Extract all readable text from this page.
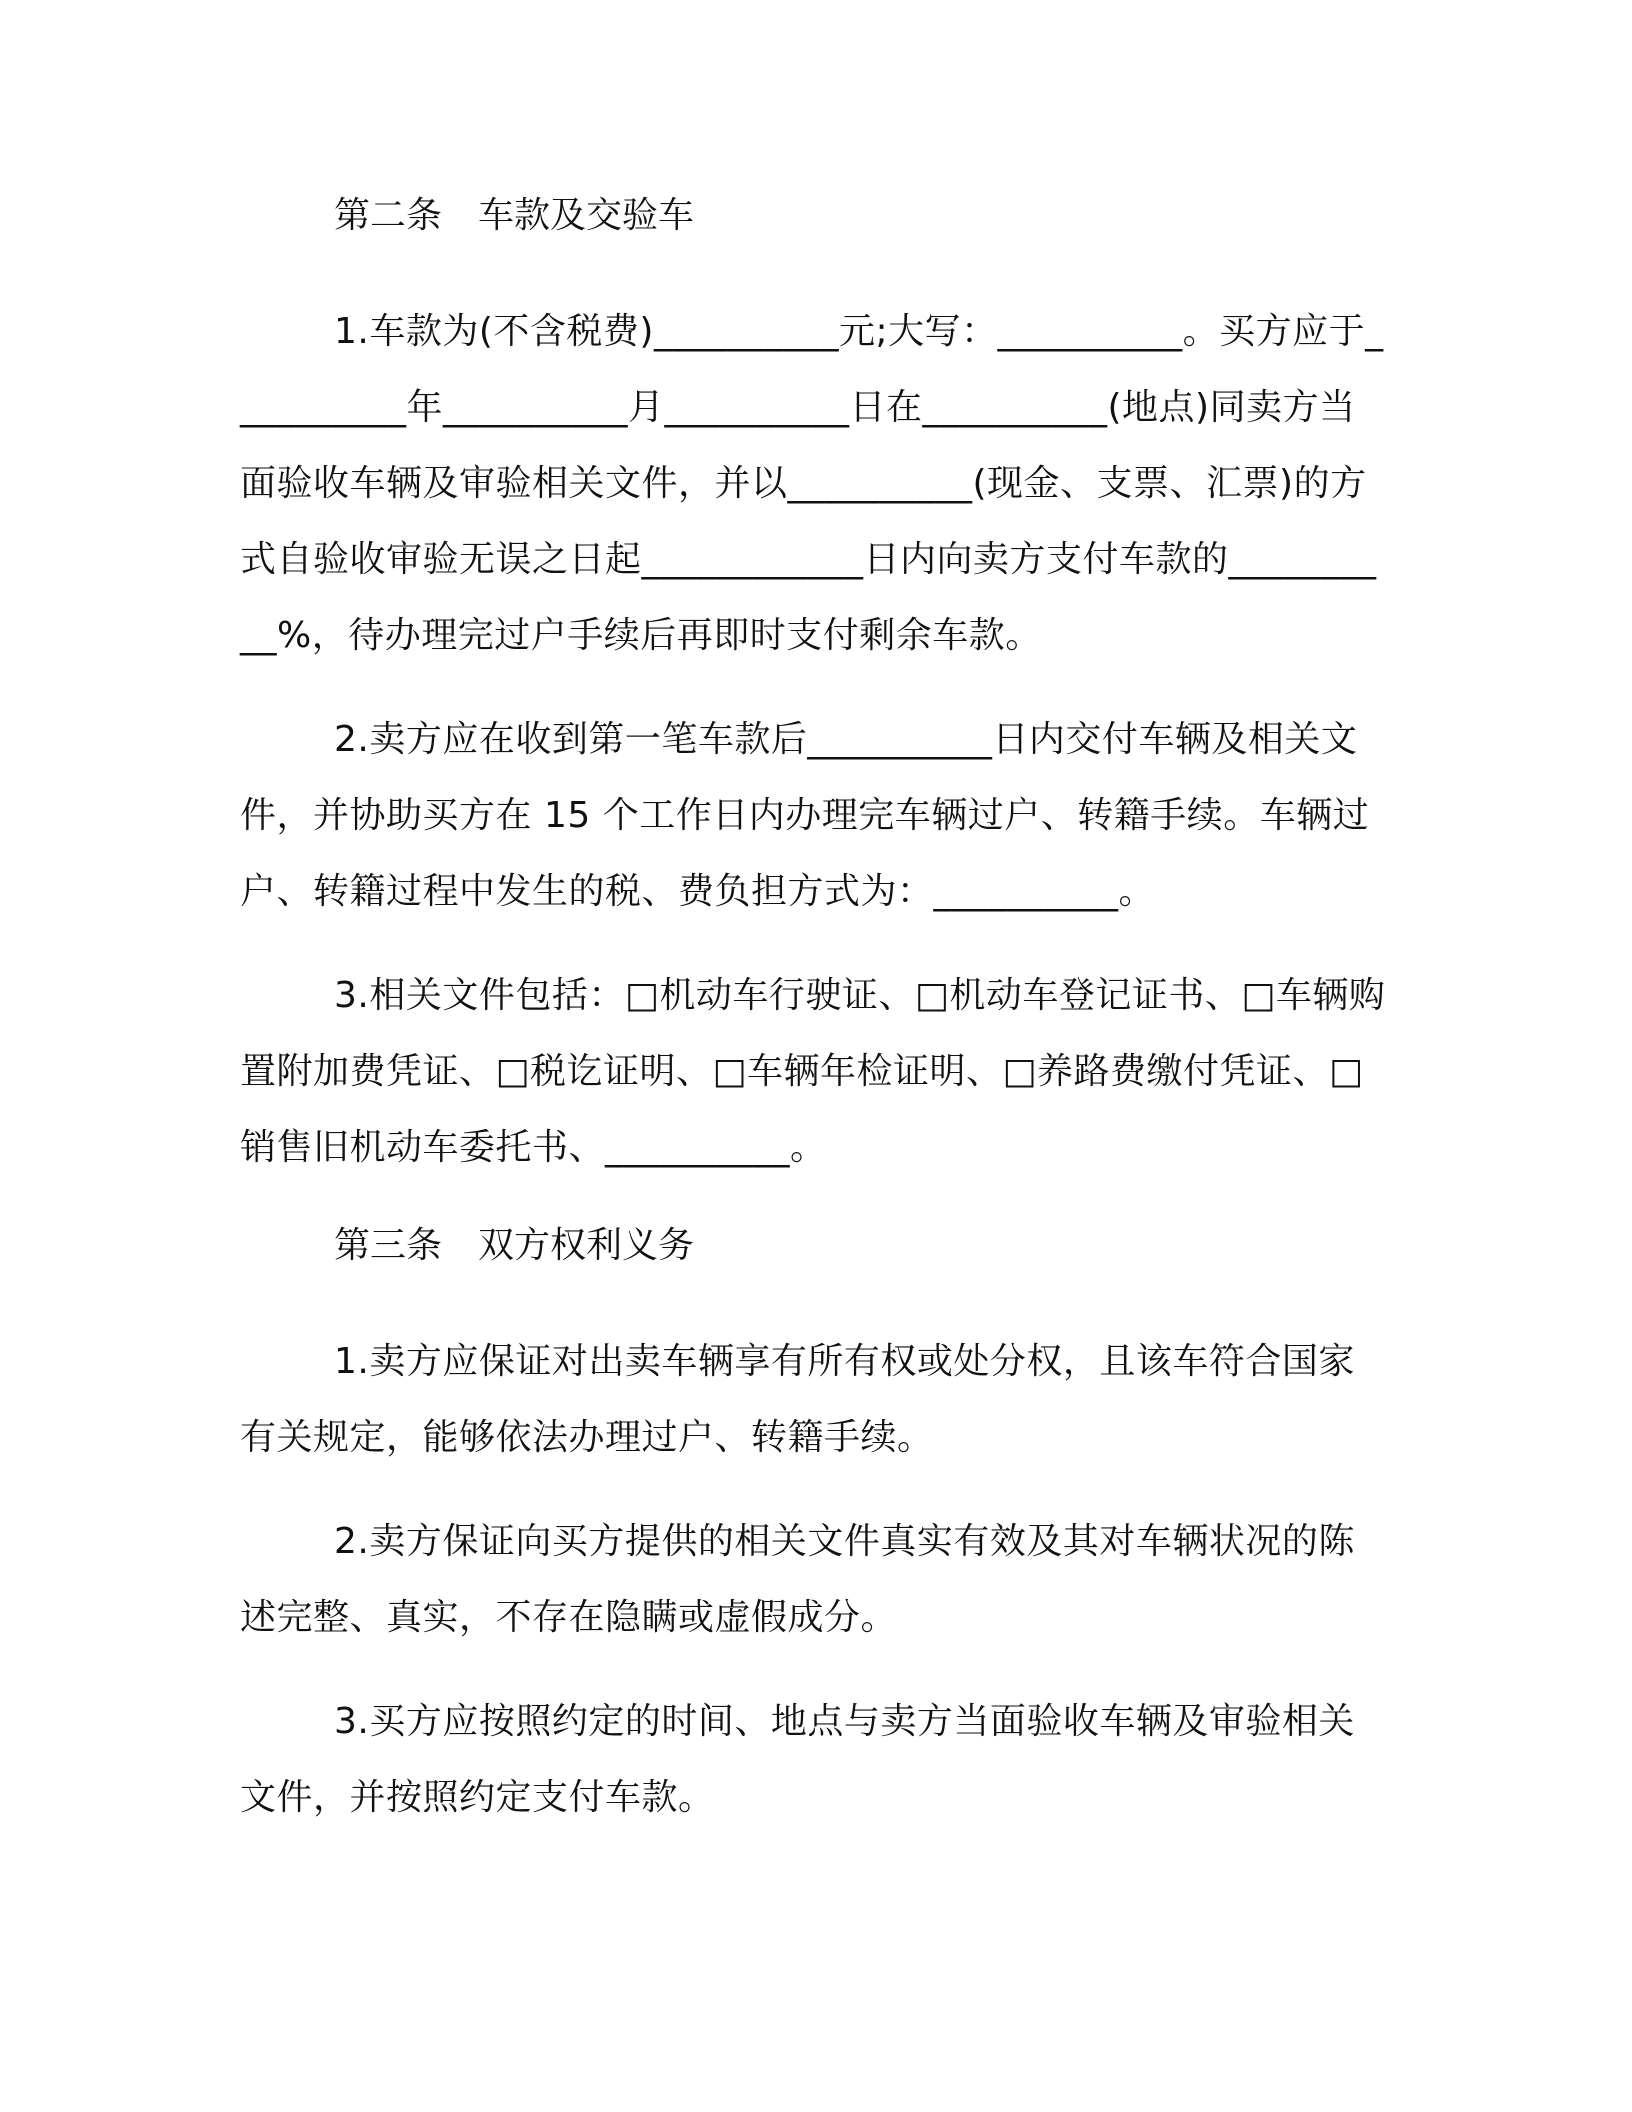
第二条　车款及交验车

1.车款为(不含税费)__________元;大写：__________。买方应于__________年__________月__________日在__________(地点)同卖方当面验收车辆及审验相关文件，并以__________(现金、支票、汇票)的方式自验收审验无误之日起____________日内向卖方支付车款的__________%，待办理完过户手续后再即时支付剩余车款。

2.卖方应在收到第一笔车款后__________日内交付车辆及相关文件，并协助买方在 15 个工作日内办理完车辆过户、转籍手续。车辆过户、转籍过程中发生的税、费负担方式为：__________。

3.相关文件包括：□机动车行驶证、□机动车登记证书、□车辆购置附加费凭证、□税讫证明、□车辆年检证明、□养路费缴付凭证、□销售旧机动车委托书、__________。

第三条　双方权利义务

1.卖方应保证对出卖车辆享有所有权或处分权，且该车符合国家有关规定，能够依法办理过户、转籍手续。

2.卖方保证向买方提供的相关文件真实有效及其对车辆状况的陈述完整、真实，不存在隐瞒或虚假成分。

3.买方应按照约定的时间、地点与卖方当面验收车辆及审验相关文件，并按照约定支付车款。
